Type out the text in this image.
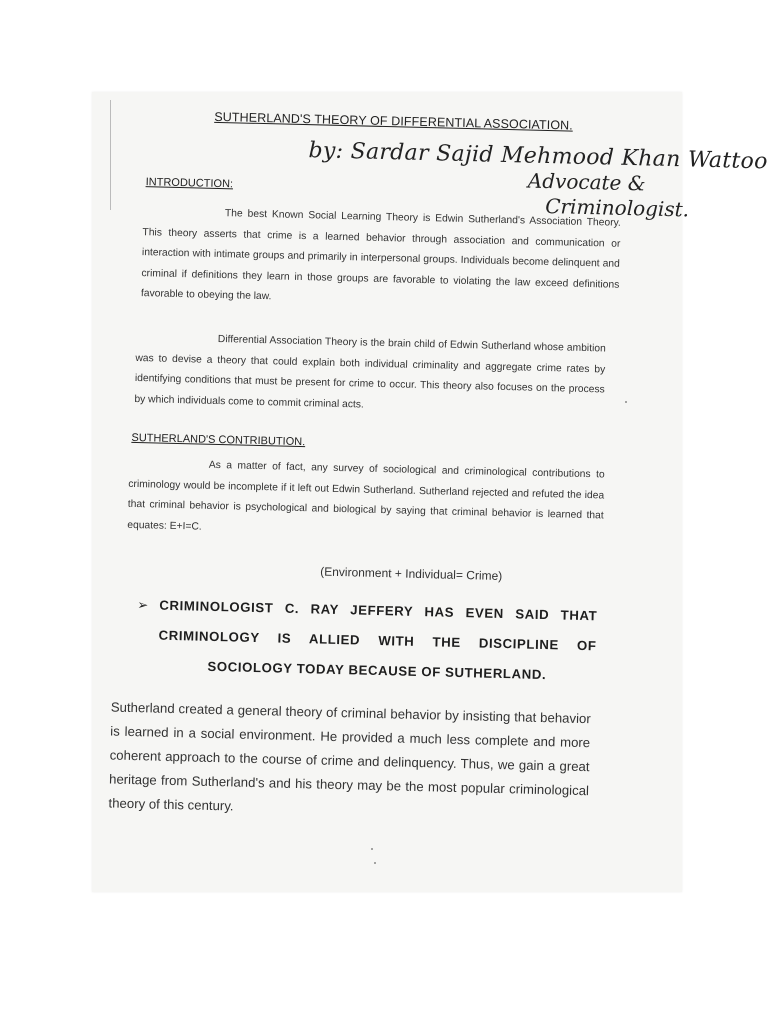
SUTHERLAND'S THEORY OF DIFFERENTIAL ASSOCIATION.
by: Sardar Sajid Mehmood Khan Wattoo
Advocate &
Criminologist.
INTRODUCTION:
The best Known Social Learning Theory is Edwin Sutherland's Association Theory. This theory asserts that crime is a learned behavior through association and communication or interaction with intimate groups and primarily in interpersonal groups. Individuals become delinquent and criminal if definitions they learn in those groups are favorable to violating the law exceed definitions favorable to obeying the law.
Differential Association Theory is the brain child of Edwin Sutherland whose ambition was to devise a theory that could explain both individual criminality and aggregate crime rates by identifying conditions that must be present for crime to occur. This theory also focuses on the process by which individuals come to commit criminal acts.
SUTHERLAND'S CONTRIBUTION.
As a matter of fact, any survey of sociological and criminological contributions to criminology would be incomplete if it left out Edwin Sutherland. Sutherland rejected and refuted the idea that criminal behavior is psychological and biological by saying that criminal behavior is learned that equates: E+I=C.
(Environment + Individual= Crime)
➢ CRIMINOLOGIST C. RAY JEFFERY HAS EVEN SAID THAT CRIMINOLOGY IS ALLIED WITH THE DISCIPLINE OF SOCIOLOGY TODAY BECAUSE OF SUTHERLAND.
Sutherland created a general theory of criminal behavior by insisting that behavior is learned in a social environment. He provided a much less complete and more coherent approach to the course of crime and delinquency. Thus, we gain a great heritage from Sutherland's and his theory may be the most popular criminological theory of this century.
